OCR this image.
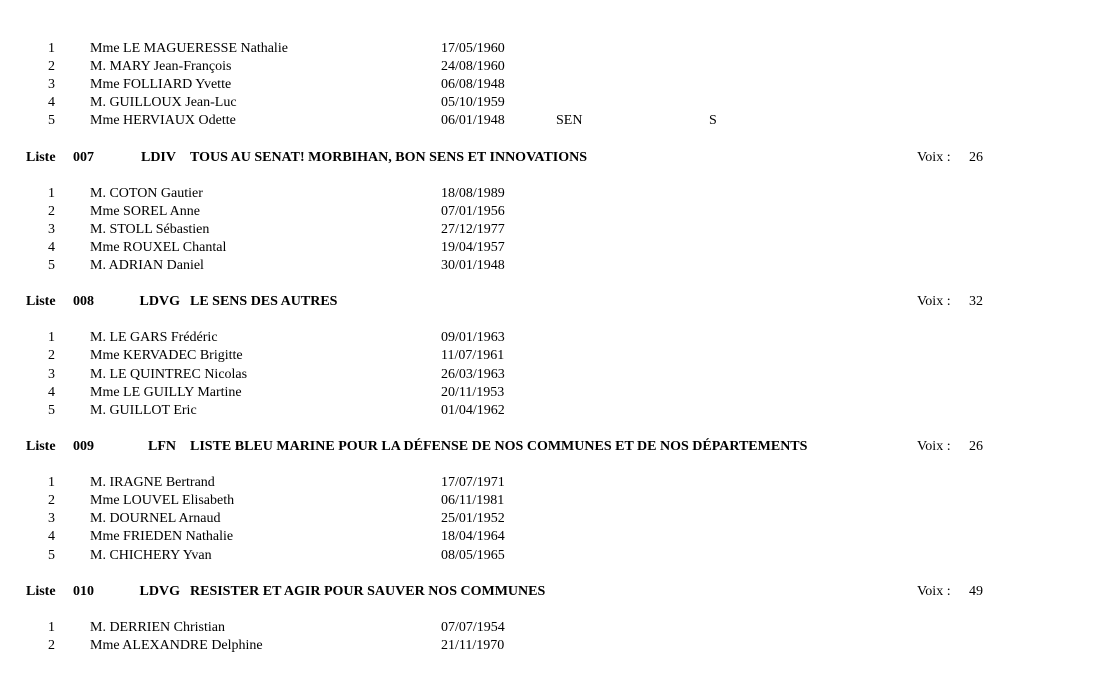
1	Mme LE MAGUERESSE Nathalie	17/05/1960
2	M. MARY Jean-François	24/08/1960
3	Mme FOLLIARD Yvette	06/08/1948
4	M. GUILLOUX Jean-Luc	05/10/1959
5	Mme HERVIAUX Odette	06/01/1948	SEN	S
Liste 007	LDIV TOUS AU SENAT! MORBIHAN, BON SENS ET INNOVATIONS	Voix : 26
1	M. COTON Gautier	18/08/1989
2	Mme SOREL Anne	07/01/1956
3	M. STOLL Sébastien	27/12/1977
4	Mme ROUXEL Chantal	19/04/1957
5	M. ADRIAN Daniel	30/01/1948
Liste 008	LDVG LE SENS DES AUTRES	Voix : 32
1	M. LE GARS Frédéric	09/01/1963
2	Mme KERVADEC Brigitte	11/07/1961
3	M. LE QUINTREC Nicolas	26/03/1963
4	Mme LE GUILLY Martine	20/11/1953
5	M. GUILLOT Eric	01/04/1962
Liste 009	LFN LISTE BLEU MARINE POUR LA DÉFENSE DE NOS COMMUNES ET DE NOS DÉPARTEMENTS	Voix : 26
1	M. IRAGNE Bertrand	17/07/1971
2	Mme LOUVEL Elisabeth	06/11/1981
3	M. DOURNEL Arnaud	25/01/1952
4	Mme FRIEDEN Nathalie	18/04/1964
5	M. CHICHERY Yvan	08/05/1965
Liste 010	LDVG RESISTER ET AGIR POUR SAUVER NOS COMMUNES	Voix : 49
1	M. DERRIEN Christian	07/07/1954
2	Mme ALEXANDRE Delphine	21/11/1970
